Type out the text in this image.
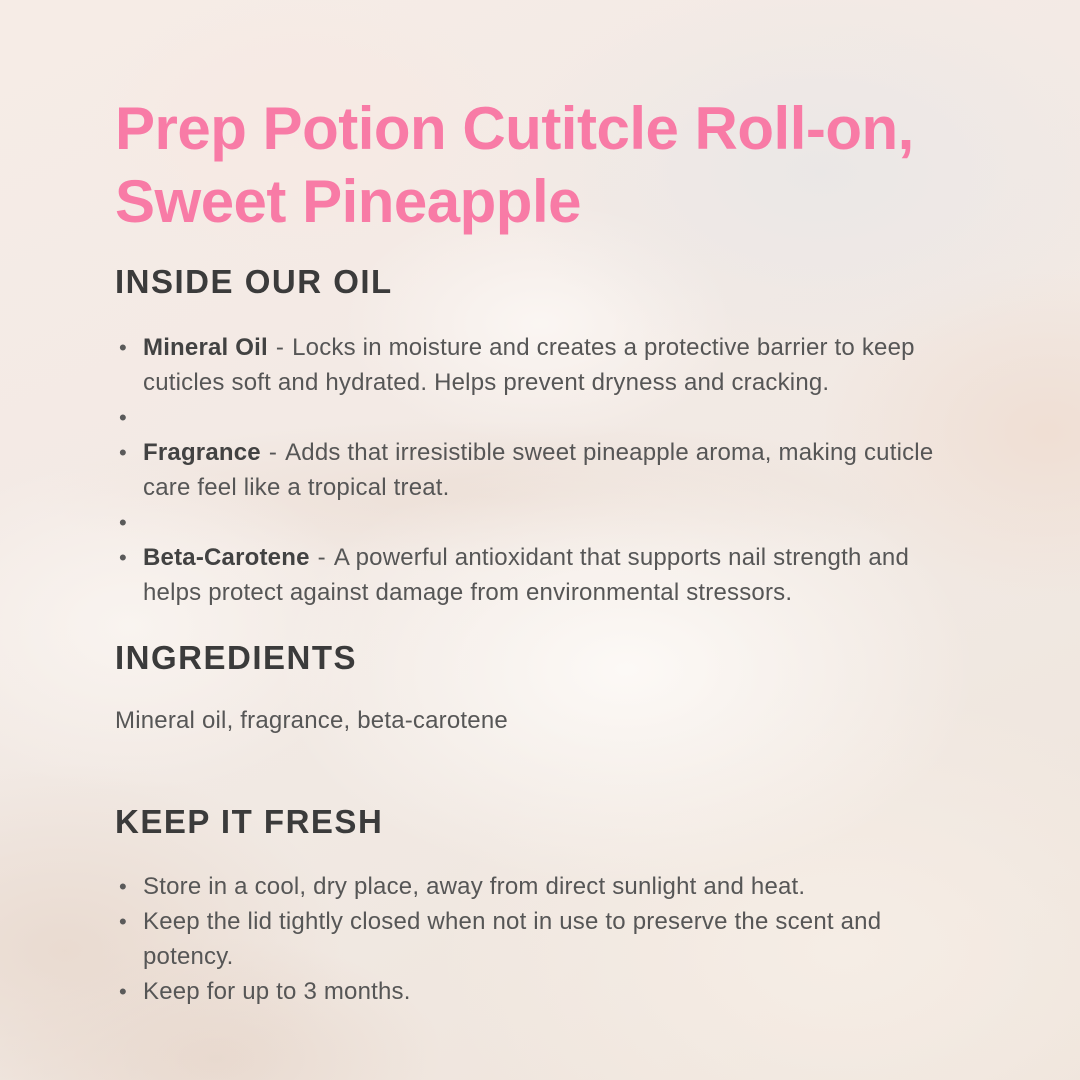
Prep Potion Cutitcle Roll-on,
Sweet Pineapple
INSIDE OUR OIL
• Mineral Oil - Locks in moisture and creates a protective barrier to keep cuticles soft and hydrated. Helps prevent dryness and cracking.
•
• Fragrance - Adds that irresistible sweet pineapple aroma, making cuticle care feel like a tropical treat.
•
• Beta-Carotene - A powerful antioxidant that supports nail strength and helps protect against damage from environmental stressors.
INGREDIENTS
Mineral oil, fragrance, beta-carotene
KEEP IT FRESH
• Store in a cool, dry place, away from direct sunlight and heat.
• Keep the lid tightly closed when not in use to preserve the scent and potency.
• Keep for up to 3 months.
